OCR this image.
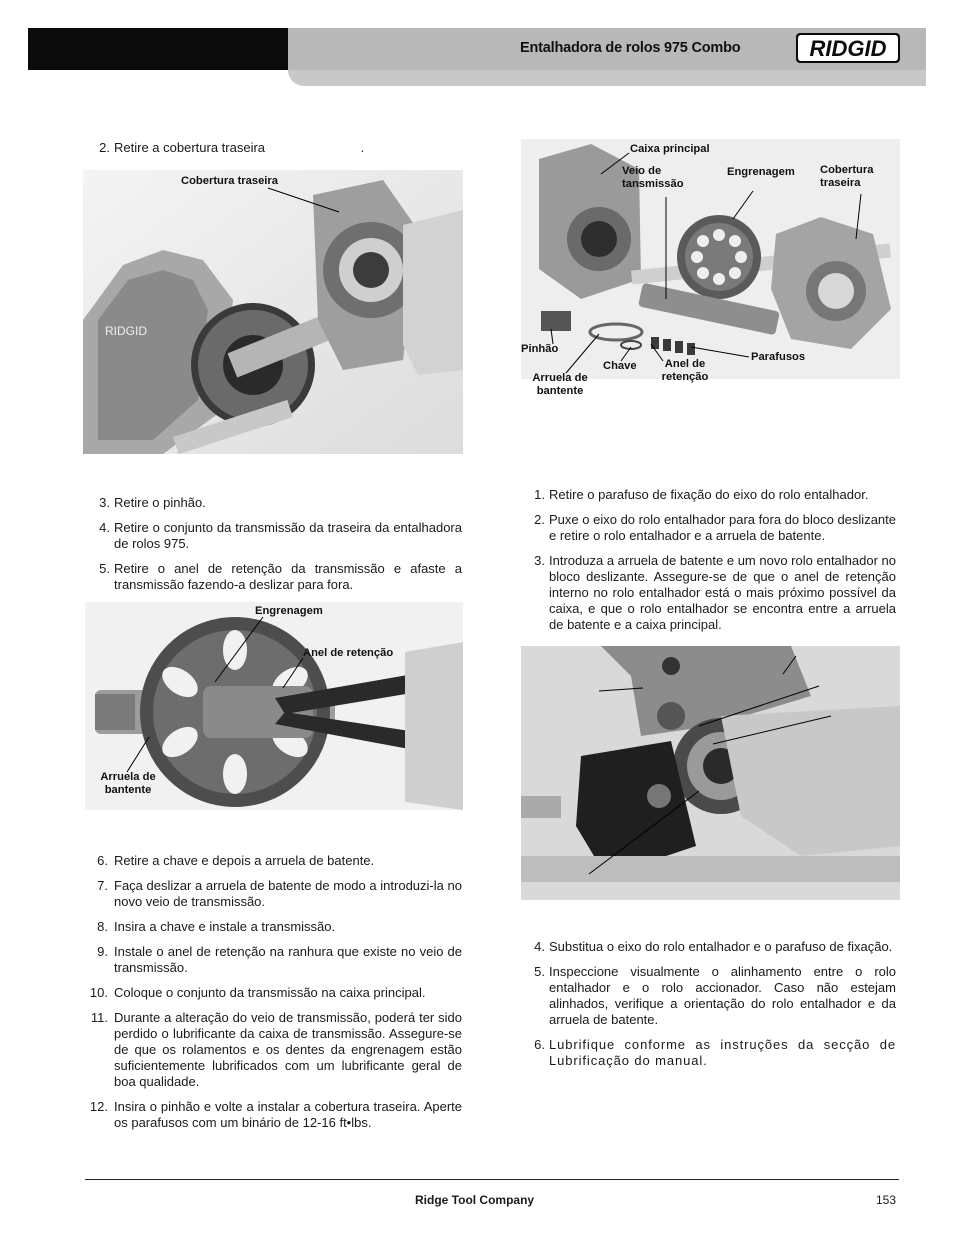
Entalhadora de rolos 975 Combo	RIDGID
2. Retire a cobertura traseira	.
RIDGID
Cobertura traseira
3. Retire o pinhão.
4. Retire o conjunto da transmissão da traseira da entalhadora de rolos 975.
5. Retire o anel de retenção da transmissão e afaste a transmissão fazendo-a deslizar para fora.
Engrenagem
Anel de retenção
Arruela de
bantente
6. Retire a chave e depois a arruela de batente.
7. Faça deslizar a arruela de batente de modo a introduzi-la no novo veio de transmissão.
8. Insira a chave e instale a transmissão.
9. Instale o anel de retenção na ranhura que existe no veio de transmissão.
10. Coloque o conjunto da transmissão na caixa principal.
11. Durante a alteração do veio de transmissão, poderá ter sido perdido o lubrificante da caixa de transmissão. Assegure-se de que os rolamentos e os dentes da engrenagem estão suficientemente lubrificados com um lubrificante geral de boa qualidade.
12. Insira o pinhão e volte a instalar a cobertura traseira. Aperte os parafusos com um binário de 12-16 ft•lbs.
Caixa principal
Veio de
tansmissão
Engrenagem Cobertura
traseira
Pinhão
Chave
Parafusos
Arruela de
bantente
Anel de
retenção
1. Retire o parafuso de fixação do eixo do rolo entalhador.
2. Puxe o eixo do rolo entalhador para fora do bloco deslizante e retire o rolo entalhador e a arruela de batente.
3. Introduza a arruela de batente e um novo rolo entalhador no bloco deslizante. Assegure-se de que o anel de retenção interno no rolo entalhador está o mais próximo possível da caixa, e que o rolo entalhador se encontra entre a arruela de batente e a caixa principal.
4. Substitua o eixo do rolo entalhador e o parafuso de fixação.
5. Inspeccione visualmente o alinhamento entre o rolo entalhador e o rolo accionador. Caso não estejam alinhados, verifique a orientação do rolo entalhador e da arruela de batente.
6. Lubrifique conforme as instruções da secção de Lubrificação do manual.
Ridge Tool Company	153
